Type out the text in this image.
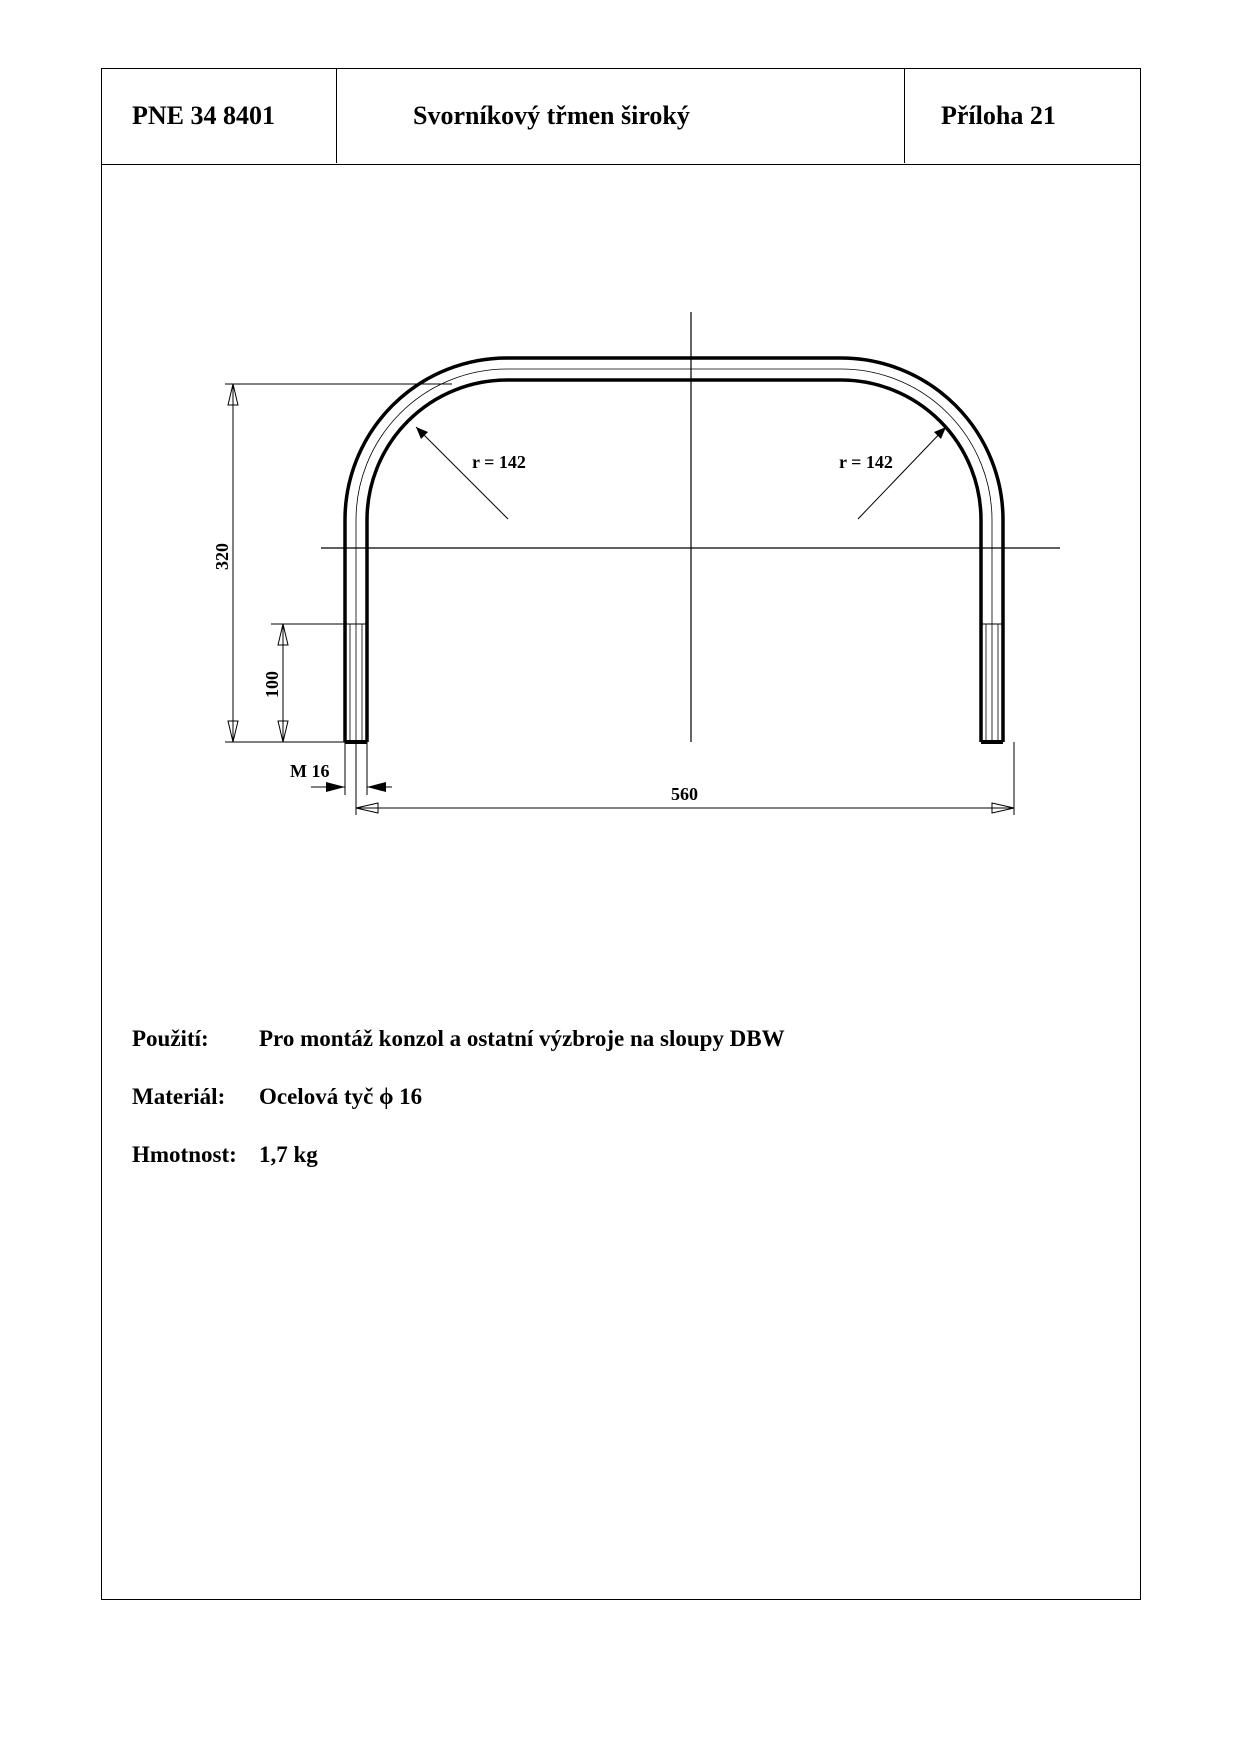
PNE 34 8401	Svorníkový třmen široký	Příloha 21
r = 142	r = 142
320
100
M 16
560
Použití: Pro montáž konzol a ostatní výzbroje na sloupy DBW
Materiál: Ocelová tyč ϕ 16
Hmotnost: 1,7 kg
